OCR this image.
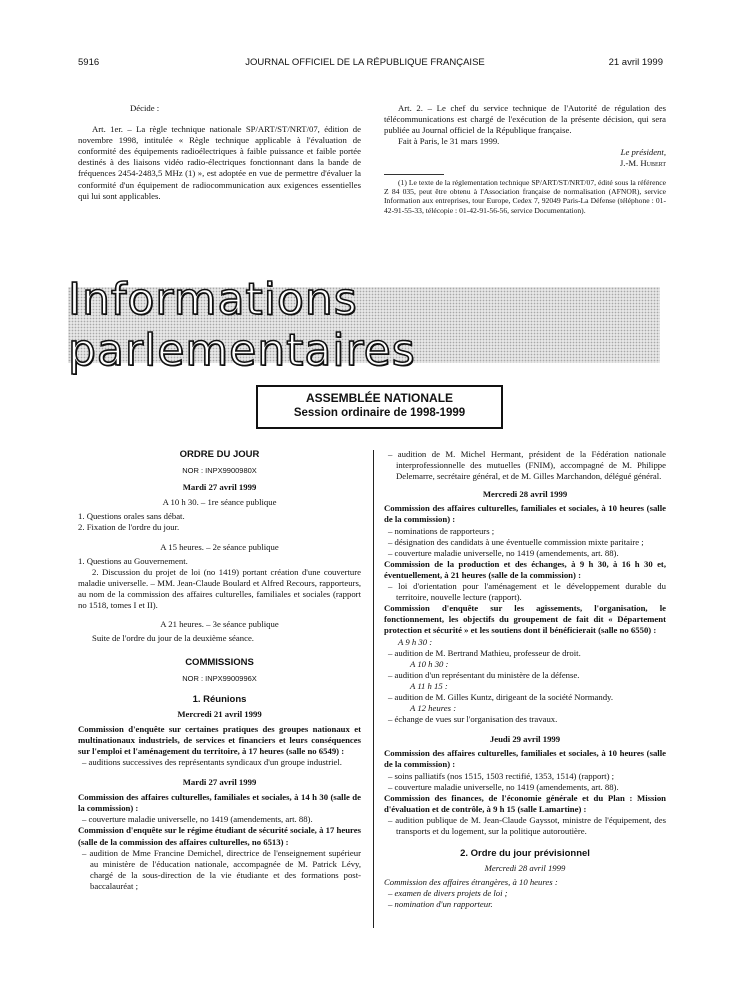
5916	JOURNAL OFFICIEL DE LA RÉPUBLIQUE FRANÇAISE	21 avril 1999

Décide :

Art. 1er. – La règle technique nationale SP/ART/ST/NRT/07, édition de novembre 1998, intitulée « Règle technique applicable à l'évaluation de conformité des équipements radioélectriques à faible puissance et faible portée destinés à des liaisons vidéo radio-électriques fonctionnant dans la bande de fréquences 2454-2483,5 MHz (1) », est adoptée en vue de permettre d'évaluer la conformité d'un équipement de radiocommunication aux exigences essentielles qui lui sont applicables.

Art. 2. – Le chef du service technique de l'Autorité de régulation des télécommunications est chargé de l'exécution de la présente décision, qui sera publiée au Journal officiel de la République française.

Fait à Paris, le 31 mars 1999.

Le président,

J.-M. Hubert

(1) Le texte de la réglementation technique SP/ART/ST/NRT/07, édité sous la référence Z 84 035, peut être obtenu à l'Association française de normalisation (AFNOR), service Information aux entreprises, tour Europe, Cedex 7, 92049 Paris-La Défense (téléphone : 01-42-91-55-33, télécopie : 01-42-91-56-56, service Documentation).

Informations parlementaires
ASSEMBLÉE NATIONALE
Session ordinaire de 1998-1999

ORDRE DU JOUR

NOR : INPX9900980X

Mardi 27 avril 1999

A 10 h 30. – 1re séance publique

1. Questions orales sans débat.

2. Fixation de l'ordre du jour.

A 15 heures. – 2e séance publique

1. Questions au Gouvernement.

2. Discussion du projet de loi (no 1419) portant création d'une couverture maladie universelle. – MM. Jean-Claude Boulard et Alfred Recours, rapporteurs, au nom de la commission des affaires culturelles, familiales et sociales (rapport no 1518, tomes I et II).

A 21 heures. – 3e séance publique

Suite de l'ordre du jour de la deuxième séance.

COMMISSIONS

NOR : INPX9900996X

1. Réunions

Mercredi 21 avril 1999

Commission d'enquête sur certaines pratiques des groupes nationaux et multinationaux industriels, de services et financiers et leurs conséquences sur l'emploi et l'aménagement du territoire, à 17 heures (salle no 6549) :

– auditions successives des représentants syndicaux d'un groupe industriel.

Mardi 27 avril 1999

Commission des affaires culturelles, familiales et sociales, à 14 h 30 (salle de la commission) :

– couverture maladie universelle, no 1419 (amendements, art. 88).

Commission d'enquête sur le régime étudiant de sécurité sociale, à 17 heures (salle de la commission des affaires culturelles, no 6513) :

– audition de Mme Francine Demichel, directrice de l'enseignement supérieur au ministère de l'éducation nationale, accompagnée de M. Patrick Lévy, chargé de la sous-direction de la vie étudiante et des formations post-baccalauréat ;

– audition de M. Michel Hermant, président de la Fédération nationale interprofessionnelle des mutuelles (FNIM), accompagné de M. Philippe Delemarre, secrétaire général, et de M. Gilles Marchandon, délégué général.

Mercredi 28 avril 1999

Commission des affaires culturelles, familiales et sociales, à 10 heures (salle de la commission) :

– nominations de rapporteurs ;

– désignation des candidats à une éventuelle commission mixte paritaire ;

– couverture maladie universelle, no 1419 (amendements, art. 88).

Commission de la production et des échanges, à 9 h 30, à 16 h 30 et, éventuellement, à 21 heures (salle de la commission) :

– loi d'orientation pour l'aménagement et le développement durable du territoire, nouvelle lecture (rapport).

Commission d'enquête sur les agissements, l'organisation, le fonctionnement, les objectifs du groupement de fait dit « Département protection et sécurité » et les soutiens dont il bénéficierait (salle no 6550) :

A 9 h 30 :

– audition de M. Bertrand Mathieu, professeur de droit.

A 10 h 30 :

– audition d'un représentant du ministère de la défense.

A 11 h 15 :

– audition de M. Gilles Kuntz, dirigeant de la société Normandy.

A 12 heures :

– échange de vues sur l'organisation des travaux.

Jeudi 29 avril 1999

Commission des affaires culturelles, familiales et sociales, à 10 heures (salle de la commission) :

– soins palliatifs (nos 1515, 1503 rectifié, 1353, 1514) (rapport) ;

– couverture maladie universelle, no 1419 (amendements, art. 88).

Commission des finances, de l'économie générale et du Plan : Mission d'évaluation et de contrôle, à 9 h 15 (salle Lamartine) :

– audition publique de M. Jean-Claude Gayssot, ministre de l'équipement, des transports et du logement, sur la politique autoroutière.

2. Ordre du jour prévisionnel

Mercredi 28 avril 1999

Commission des affaires étrangères, à 10 heures :

– examen de divers projets de loi ;

– nomination d'un rapporteur.
